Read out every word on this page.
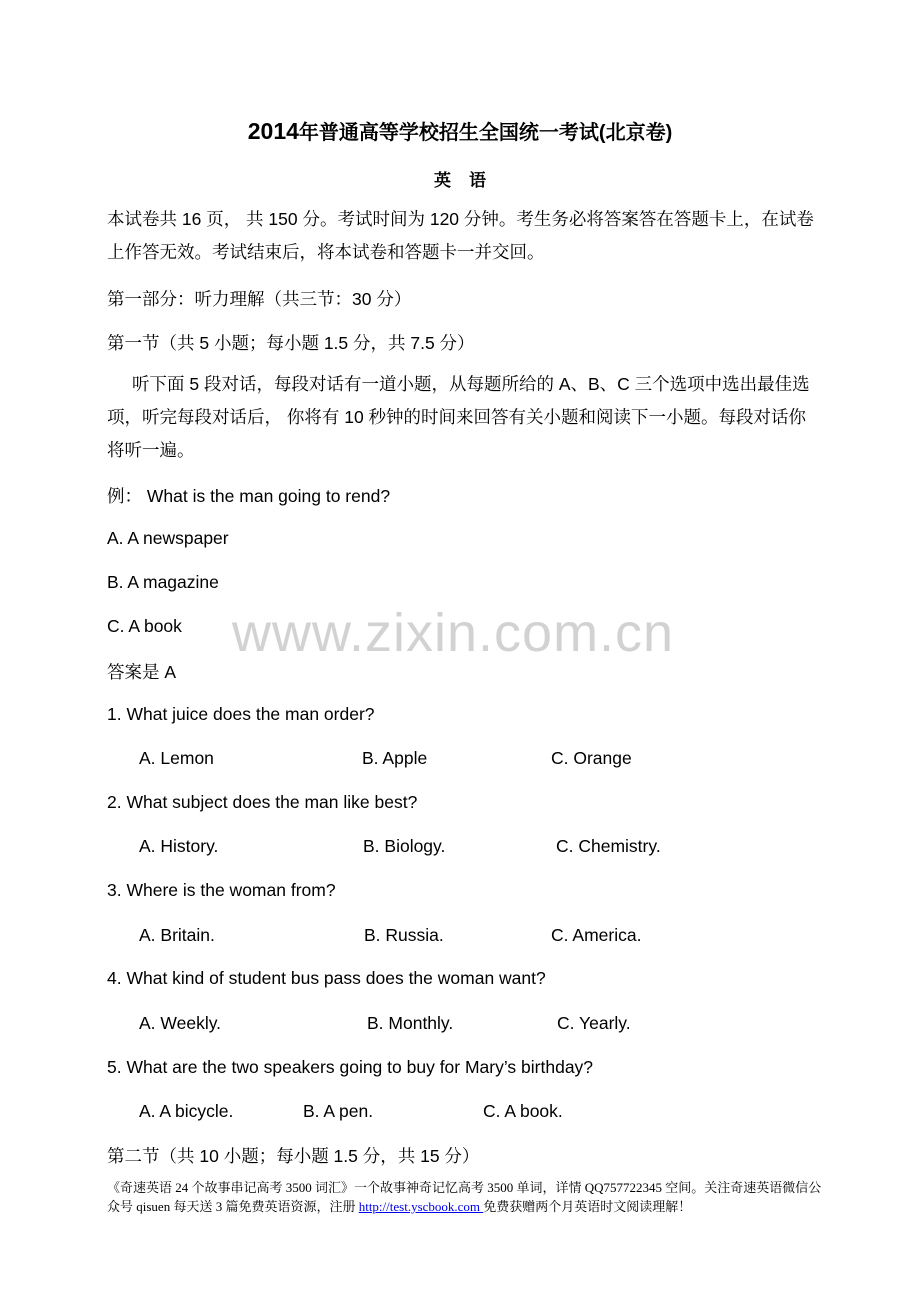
2014年普通高等学校招生全国统一考试(北京卷)
英语
本试卷共 16 页， 共 150 分。考试时间为 120 分钟。考生务必将答案答在答题卡上，在试卷上作答无效。考试结束后，将本试卷和答题卡一并交回。
第一部分：听力理解（共三节：30 分）
第一节（共 5 小题；每小题 1.5 分，共 7.5 分）
听下面 5 段对话，每段对话有一道小题，从每题所给的 A、B、C 三个选项中选出最佳选项，听完每段对话后， 你将有 10 秒钟的时间来回答有关小题和阅读下一小题。每段对话你将听一遍。
例： What is the man going to rend?
A. A newspaper
B. A magazine
C. A book
答案是 A
1. What juice does the man order?
A. Lemon	B. Apple	C. Orange
2. What subject does the man like best?
A. History.	B. Biology.	C. Chemistry.
3. Where is the woman from?
A. Britain.	B. Russia.	C. America.
4. What kind of student bus pass does the woman want?
A. Weekly.	B. Monthly.	C. Yearly.
5. What are the two speakers going to buy for Mary’s birthday?
A. A bicycle.	B. A pen.	C. A book.
第二节（共 10 小题；每小题 1.5 分，共 15 分）
www.zixin.com.cn
《奇速英语 24 个故事串记高考 3500 词汇》一个故事神奇记忆高考 3500 单词，详情 QQ757722345 空间。关注奇速英语微信公众号 qisuen 每天送 3 篇免费英语资源，注册 http://test.yscbook.com 免费获赠两个月英语时文阅读理解！
